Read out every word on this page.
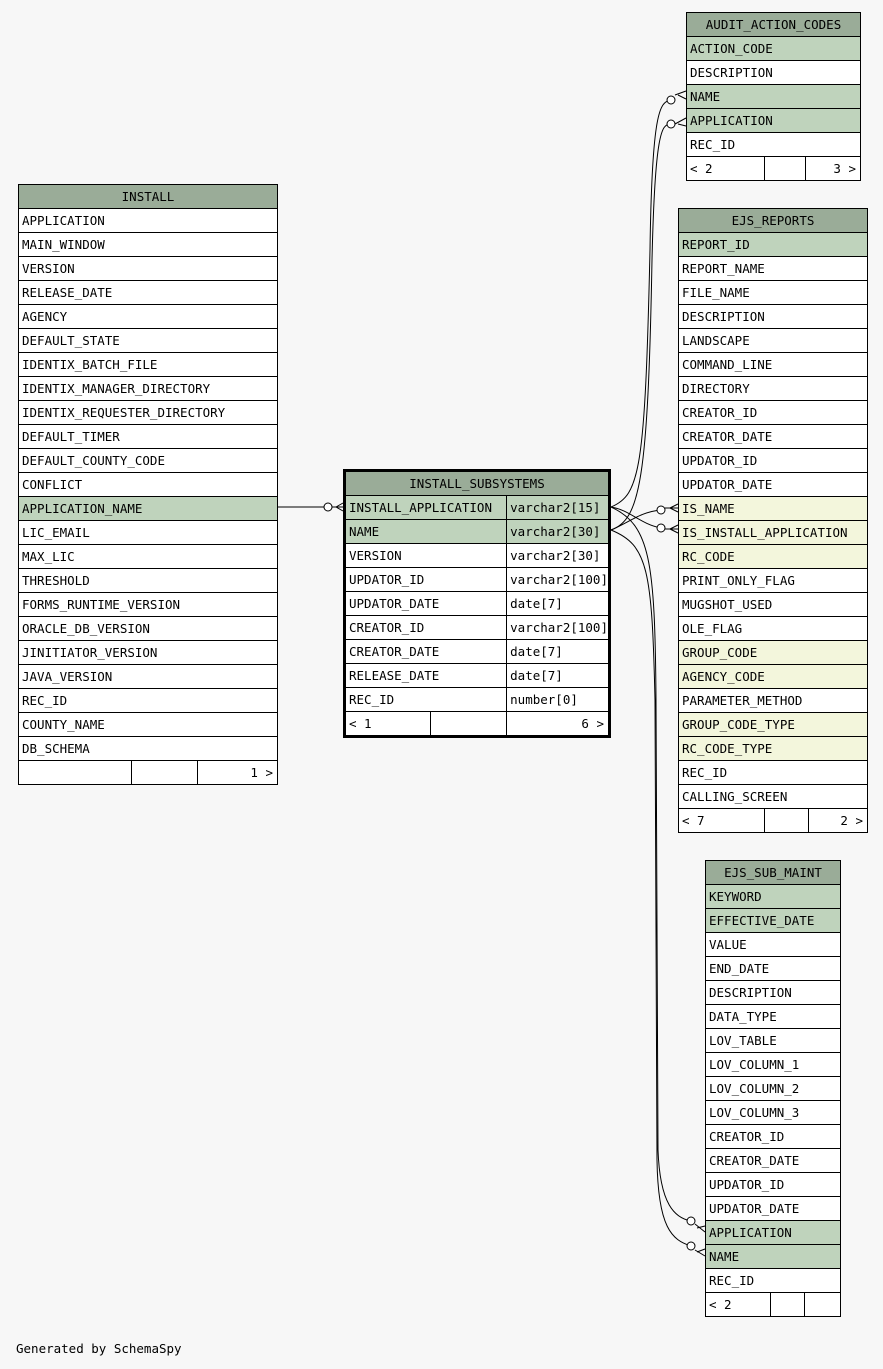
AUDIT_ACTION_CODES
ACTION_CODE
DESCRIPTION
NAME
APPLICATION
REC_ID
< 2		3 >
INSTALL
APPLICATION
MAIN_WINDOW
VERSION
RELEASE_DATE
AGENCY
DEFAULT_STATE
IDENTIX_BATCH_FILE
IDENTIX_MANAGER_DIRECTORY
IDENTIX_REQUESTER_DIRECTORY
DEFAULT_TIMER
DEFAULT_COUNTY_CODE
CONFLICT
APPLICATION_NAME
LIC_EMAIL
MAX_LIC
THRESHOLD
FORMS_RUNTIME_VERSION
ORACLE_DB_VERSION
JINITIATOR_VERSION
JAVA_VERSION
REC_ID
COUNTY_NAME
DB_SCHEMA
		1 >
INSTALL_SUBSYSTEMS		
INSTALL_APPLICATION		varchar2[15]
NAME		varchar2[30]
VERSION		varchar2[30]
UPDATOR_ID		varchar2[100]
UPDATOR_DATE		date[7]
CREATOR_ID		varchar2[100]
CREATOR_DATE		date[7]
RELEASE_DATE		date[7]
REC_ID		number[0]
< 1		6 >
EJS_REPORTS
REPORT_ID
REPORT_NAME
FILE_NAME
DESCRIPTION
LANDSCAPE
COMMAND_LINE
DIRECTORY
CREATOR_ID
CREATOR_DATE
UPDATOR_ID
UPDATOR_DATE
IS_NAME
IS_INSTALL_APPLICATION
RC_CODE
PRINT_ONLY_FLAG
MUGSHOT_USED
OLE_FLAG
GROUP_CODE
AGENCY_CODE
PARAMETER_METHOD
GROUP_CODE_TYPE
RC_CODE_TYPE
REC_ID
CALLING_SCREEN
< 7		2 >
EJS_SUB_MAINT
KEYWORD
EFFECTIVE_DATE
VALUE
END_DATE
DESCRIPTION
DATA_TYPE
LOV_TABLE
LOV_COLUMN_1
LOV_COLUMN_2
LOV_COLUMN_3
CREATOR_ID
CREATOR_DATE
UPDATOR_ID
UPDATOR_DATE
APPLICATION
NAME
REC_ID
< 2		
Generated by SchemaSpy
